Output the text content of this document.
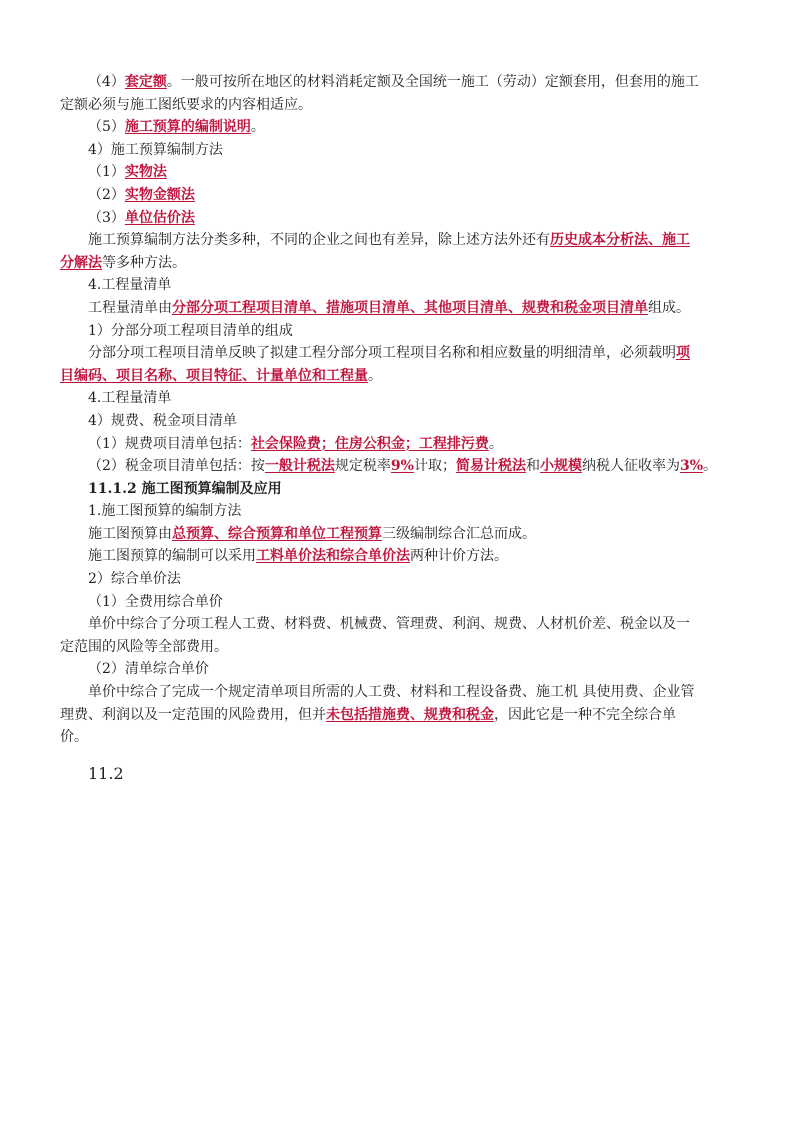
（4）套定额。一般可按所在地区的材料消耗定额及全国统一施工（劳动）定额套用，但套用的施工
定额必须与施工图纸要求的内容相适应。
（5）施工预算的编制说明。
4）施工预算编制方法
（1）实物法
（2）实物金额法
（3）单位估价法
施工预算编制方法分类多种，不同的企业之间也有差异，除上述方法外还有历史成本分析法、施工
分解法等多种方法。
4.工程量清单
工程量清单由分部分项工程项目清单、措施项目清单、其他项目清单、规费和税金项目清单组成。
1）分部分项工程项目清单的组成
分部分项工程项目清单反映了拟建工程分部分项工程项目名称和相应数量的明细清单，必须载明项
目编码、项目名称、项目特征、计量单位和工程量。
4.工程量清单
4）规费、税金项目清单
（1）规费项目清单包括：社会保险费；住房公积金；工程排污费。
（2）税金项目清单包括：按一般计税法规定税率9%计取；简易计税法和小规模纳税人征收率为3%。
11.1.2 施工图预算编制及应用
1.施工图预算的编制方法
施工图预算由总预算、综合预算和单位工程预算三级编制综合汇总而成。
施工图预算的编制可以采用工料单价法和综合单价法两种计价方法。
2）综合单价法
（1）全费用综合单价
单价中综合了分项工程人工费、材料费、机械费、管理费、利润、规费、人材机价差、税金以及一
定范围的风险等全部费用。
（2）清单综合单价
单价中综合了完成一个规定清单项目所需的人工费、材料和工程设备费、施工机 具使用费、企业管
理费、利润以及一定范围的风险费用，但并未包括措施费、规费和税金，因此它是一种不完全综合单
价。
11.2
